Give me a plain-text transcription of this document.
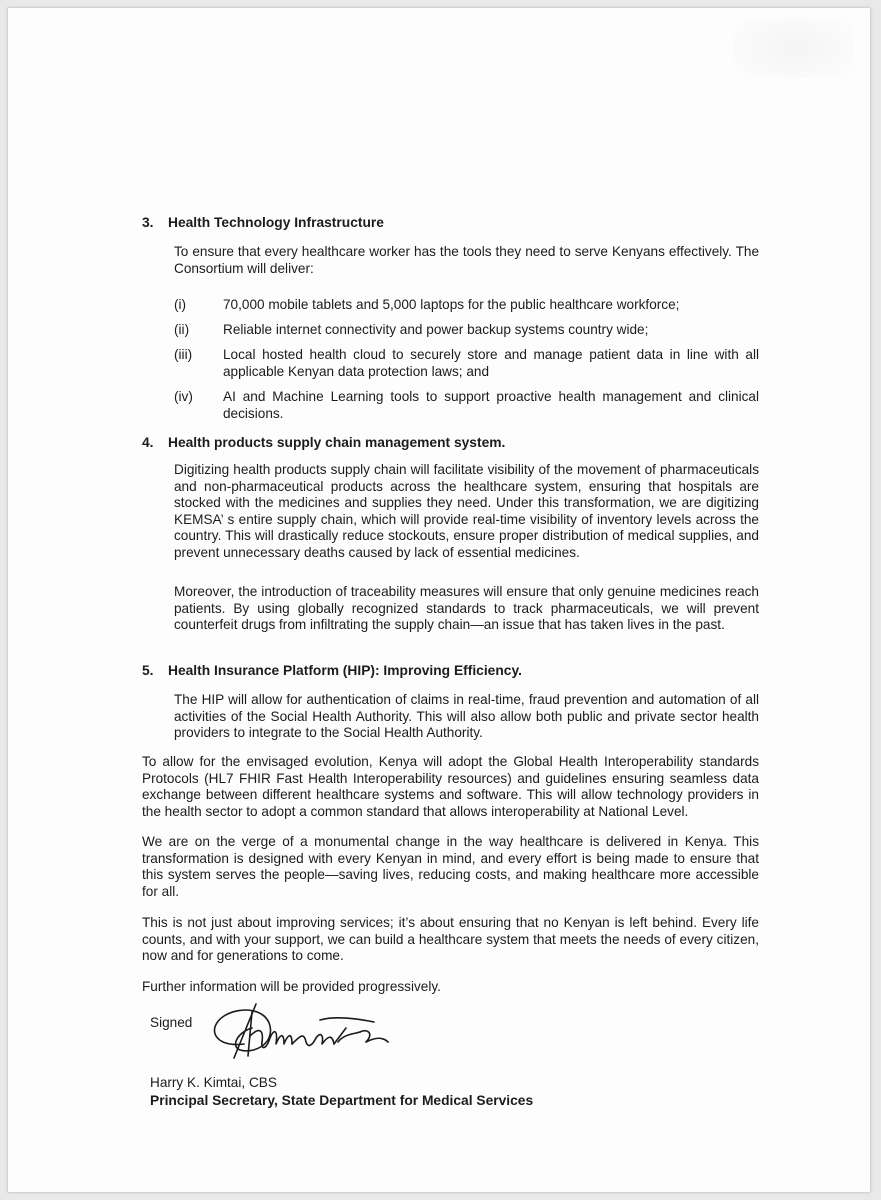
3. Health Technology Infrastructure
To ensure that every healthcare worker has the tools they need to serve Kenyans effectively. The Consortium will deliver:
(i)	70,000 mobile tablets and 5,000 laptops for the public healthcare workforce;
(ii) Reliable internet connectivity and power backup systems country wide;
(iii) Local hosted health cloud to securely store and manage patient data in line with all applicable Kenyan data protection laws; and
(iv) AI and Machine Learning tools to support proactive health management and clinical decisions.
4. Health products supply chain management system.
Digitizing health products supply chain will facilitate visibility of the movement of pharmaceuticals and non-pharmaceutical products across the healthcare system, ensuring that hospitals are stocked with the medicines and supplies they need. Under this transformation, we are digitizing KEMSA’ s entire supply chain, which will provide real-time visibility of inventory levels across the country. This will drastically reduce stockouts, ensure proper distribution of medical supplies, and prevent unnecessary deaths caused by lack of essential medicines.
Moreover, the introduction of traceability measures will ensure that only genuine medicines reach patients. By using globally recognized standards to track pharmaceuticals, we will prevent counterfeit drugs from infiltrating the supply chain—an issue that has taken lives in the past.
5. Health Insurance Platform (HIP): Improving Efficiency.
The HIP will allow for authentication of claims in real-time, fraud prevention and automation of all activities of the Social Health Authority. This will also allow both public and private sector health providers to integrate to the Social Health Authority.
To allow for the envisaged evolution, Kenya will adopt the Global Health Interoperability standards Protocols (HL7 FHIR Fast Health Interoperability resources) and guidelines ensuring seamless data exchange between different healthcare systems and software. This will allow technology providers in the health sector to adopt a common standard that allows interoperability at National Level.
We are on the verge of a monumental change in the way healthcare is delivered in Kenya. This transformation is designed with every Kenyan in mind, and every effort is being made to ensure that this system serves the people—saving lives, reducing costs, and making healthcare more accessible for all.
This is not just about improving services; it’s about ensuring that no Kenyan is left behind. Every life counts, and with your support, we can build a healthcare system that meets the needs of every citizen, now and for generations to come.
Further information will be provided progressively.
Signed
Harry K. Kimtai, CBS
Principal Secretary, State Department for Medical Services
